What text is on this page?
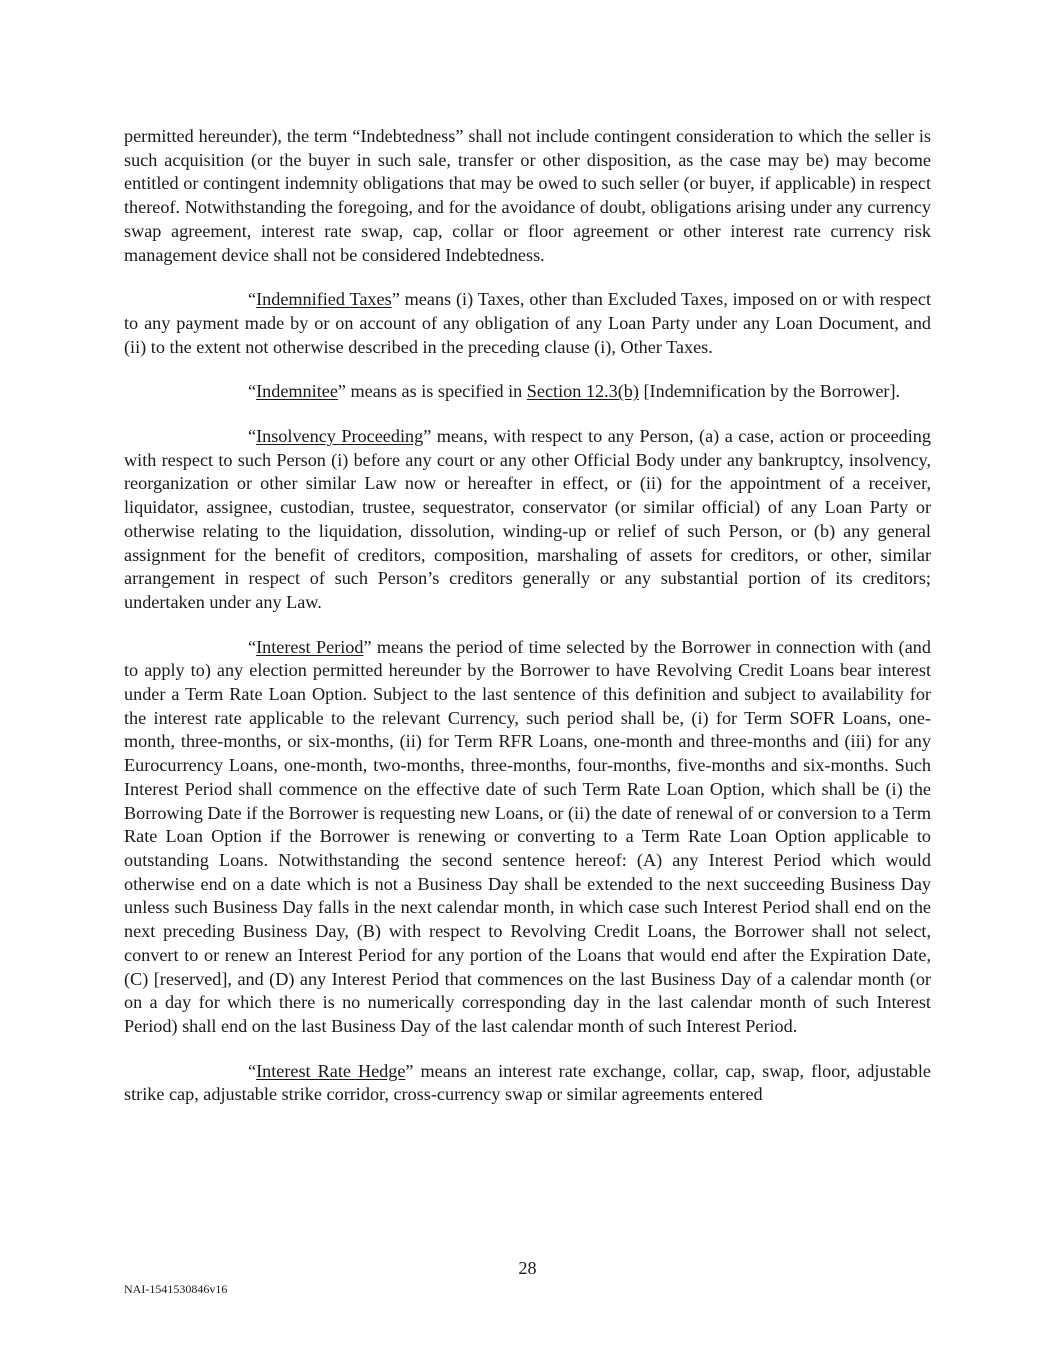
permitted hereunder), the term “Indebtedness” shall not include contingent consideration to which the seller is such acquisition (or the buyer in such sale, transfer or other disposition, as the case may be) may become entitled or contingent indemnity obligations that may be owed to such seller (or buyer, if applicable) in respect thereof. Notwithstanding the foregoing, and for the avoidance of doubt, obligations arising under any currency swap agreement, interest rate swap, cap, collar or floor agreement or other interest rate currency risk management device shall not be considered Indebtedness.

“Indemnified Taxes” means (i) Taxes, other than Excluded Taxes, imposed on or with respect to any payment made by or on account of any obligation of any Loan Party under any Loan Document, and (ii) to the extent not otherwise described in the preceding clause (i), Other Taxes.

“Indemnitee” means as is specified in Section 12.3(b) [Indemnification by the Borrower].

“Insolvency Proceeding” means, with respect to any Person, (a) a case, action or proceeding with respect to such Person (i) before any court or any other Official Body under any bankruptcy, insolvency, reorganization or other similar Law now or hereafter in effect, or (ii) for the appointment of a receiver, liquidator, assignee, custodian, trustee, sequestrator, conservator (or similar official) of any Loan Party or otherwise relating to the liquidation, dissolution, winding-up or relief of such Person, or (b) any general assignment for the benefit of creditors, composition, marshaling of assets for creditors, or other, similar arrangement in respect of such Person’s creditors generally or any substantial portion of its creditors; undertaken under any Law.

“Interest Period” means the period of time selected by the Borrower in connection with (and to apply to) any election permitted hereunder by the Borrower to have Revolving Credit Loans bear interest under a Term Rate Loan Option. Subject to the last sentence of this definition and subject to availability for the interest rate applicable to the relevant Currency, such period shall be, (i) for Term SOFR Loans, one-month, three-months, or six-months, (ii) for Term RFR Loans, one-month and three-months and (iii) for any Eurocurrency Loans, one-month, two-months, three-months, four-months, five-months and six-months. Such Interest Period shall commence on the effective date of such Term Rate Loan Option, which shall be (i) the Borrowing Date if the Borrower is requesting new Loans, or (ii) the date of renewal of or conversion to a Term Rate Loan Option if the Borrower is renewing or converting to a Term Rate Loan Option applicable to outstanding Loans. Notwithstanding the second sentence hereof: (A) any Interest Period which would otherwise end on a date which is not a Business Day shall be extended to the next succeeding Business Day unless such Business Day falls in the next calendar month, in which case such Interest Period shall end on the next preceding Business Day, (B) with respect to Revolving Credit Loans, the Borrower shall not select, convert to or renew an Interest Period for any portion of the Loans that would end after the Expiration Date, (C) [reserved], and (D) any Interest Period that commences on the last Business Day of a calendar month (or on a day for which there is no numerically corresponding day in the last calendar month of such Interest Period) shall end on the last Business Day of the last calendar month of such Interest Period.

“Interest Rate Hedge” means an interest rate exchange, collar, cap, swap, floor, adjustable strike cap, adjustable strike corridor, cross-currency swap or similar agreements entered

28
NAI-1541530846v16
